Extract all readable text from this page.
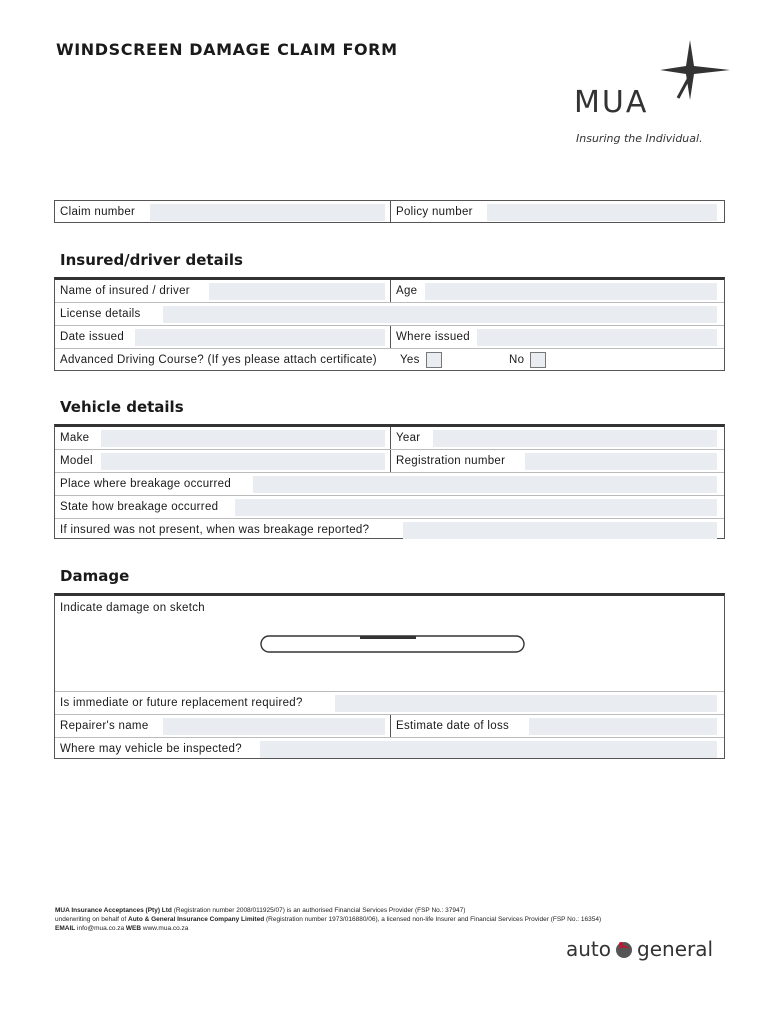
WINDSCREEN DAMAGE CLAIM FORM
MUA
Insuring the Individual.
Claim number	Policy number
Insured/driver details
Name of insured / driver	Age
License details
Date issued	Where issued
Advanced Driving Course? (If yes please attach certificate) Yes	No
Vehicle details
Make	Year
Model	Registration number
Place where breakage occurred
State how breakage occurred
If insured was not present, when was breakage reported?
Damage
Indicate damage on sketch
Is immediate or future replacement required?
Repairer's name	Estimate date of loss
Where may vehicle be inspected?
MUA Insurance Acceptances (Pty) Ltd (Registration number 2008/011925/07) is an authorised Financial Services Provider (FSP No.: 37947)
underwriting on behalf of Auto & General Insurance Company Limited (Registration number 1973/016880/06), a licensed non-life Insurer and Financial Services Provider (FSP No.: 16354)
EMAIL info@mua.co.za WEB www.mua.co.za
auto general
